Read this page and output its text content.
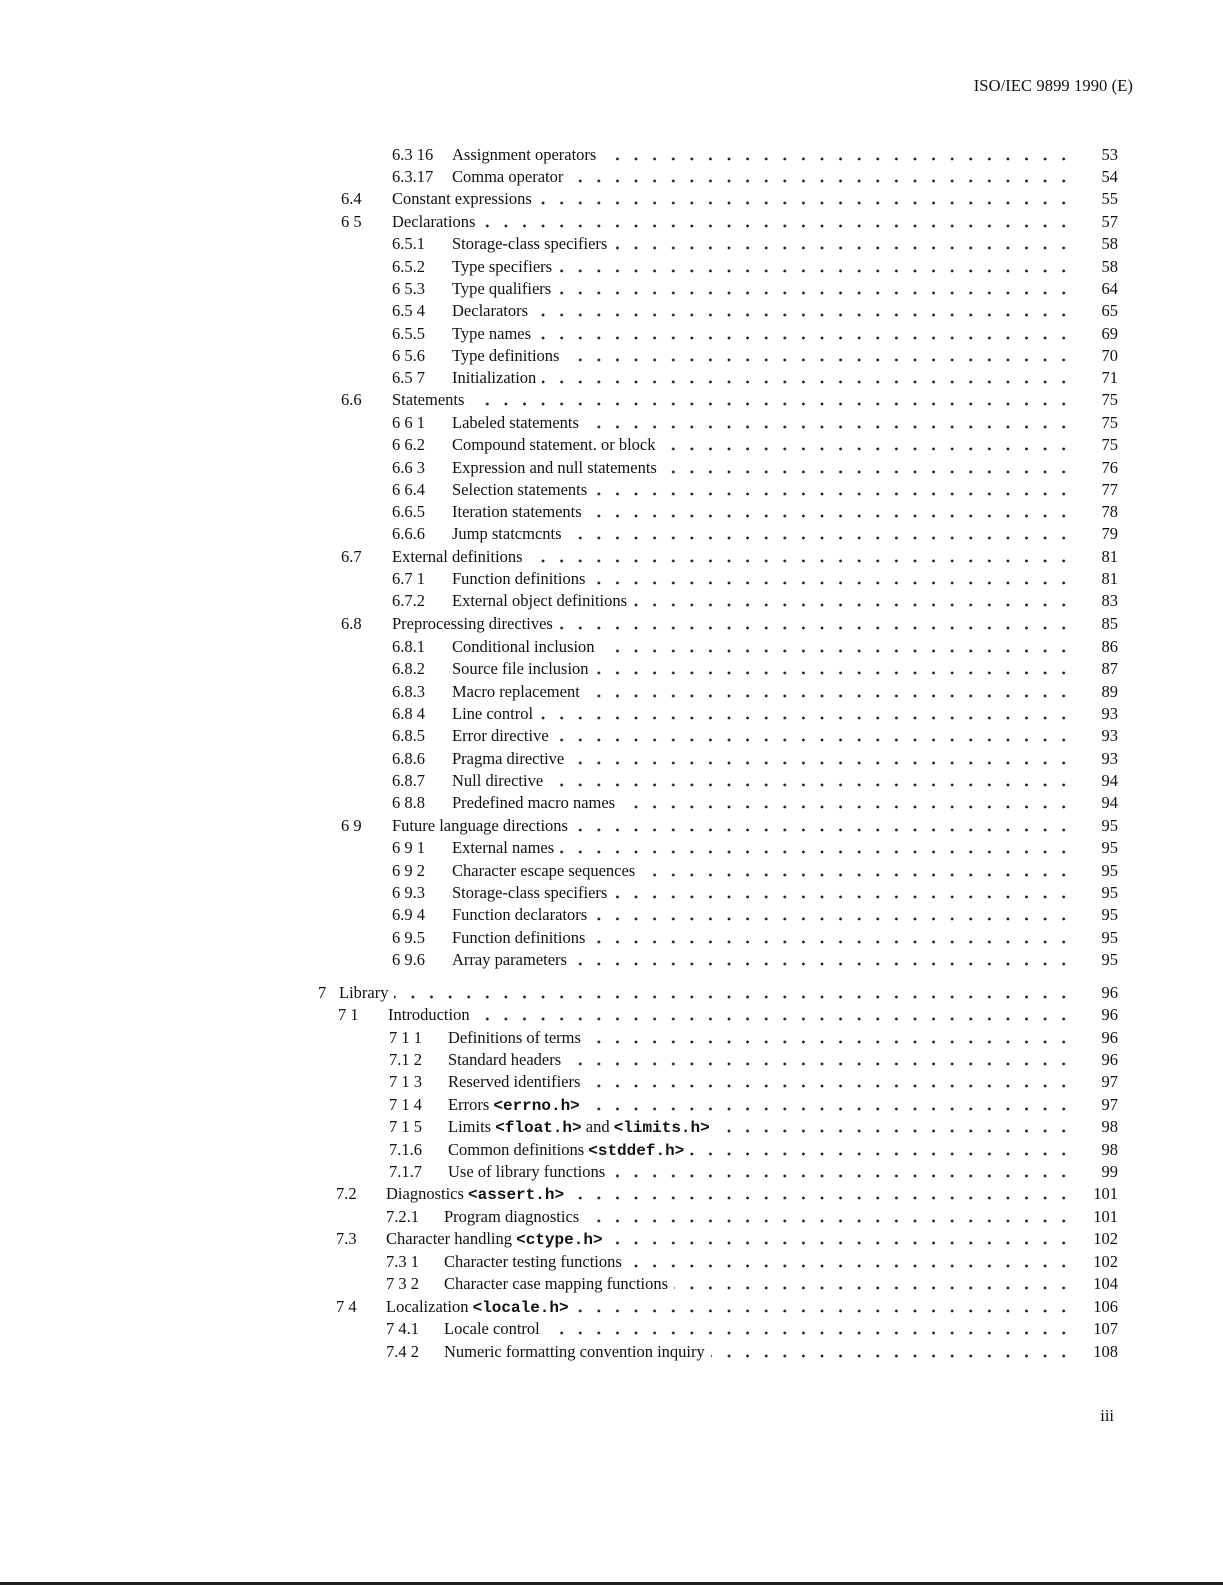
ISO/IEC 9899 1990 (E)
6.3 16 Assignment operators	53
6.3.17 Comma operator	54
6.4 Constant expressions	55
6 5 Declarations	57
6.5.1 Storage-class specifiers	58
6.5.2 Type specifiers	58
6 5.3 Type qualifiers	64
6.5 4 Declarators	65
6.5.5 Type names	69
6 5.6 Type definitions	70
6.5 7 Initialization	71
6.6 Statements	75
6 6 1 Labeled statements	75
6 6.2 Compound statement. or block	75
6.6 3 Expression and null statements	76
6 6.4 Selection statements	77
6.6.5 Iteration statements	78
6.6.6 Jump statcmcnts	79
6.7 External definitions	81
6.7 1 Function definitions	81
6.7.2 External object definitions	83
6.8 Preprocessing directives	85
6.8.1 Conditional inclusion	86
6.8.2 Source file inclusion	87
6.8.3 Macro replacement	89
6.8 4 Line control	93
6.8.5 Error directive	93
6.8.6 Pragma directive	93
6.8.7 Null directive	94
6 8.8 Predefined macro names	94
6 9 Future language directions	95
6 9 1 External names	95
6 9 2 Character escape sequences	95
6 9.3 Storage-class specifiers	95
6.9 4 Function declarators	95
6 9.5 Function definitions	95
6 9.6 Array parameters	95
7 Library	96
7 1 Introduction	96
7 1 1 Definitions of terms	96
7.1 2 Standard headers	96
7 1 3 Reserved identifiers	97
7 1 4 Errors <errno.h>	97
7 1 5 Limits <float.h> and <limits.h>	98
7.1.6 Common definitions <stddef.h>	98
7.1.7 Use of library functions	99
7.2 Diagnostics <assert.h>	101
7.2.1 Program diagnostics	101
7.3 Character handling <ctype.h>	102
7.3 1 Character testing functions	102
7 3 2 Character case mapping functions	104
7 4 Localization <locale.h>	106
7 4.1 Locale control	107
7.4 2 Numeric formatting convention inquiry	108
iii
